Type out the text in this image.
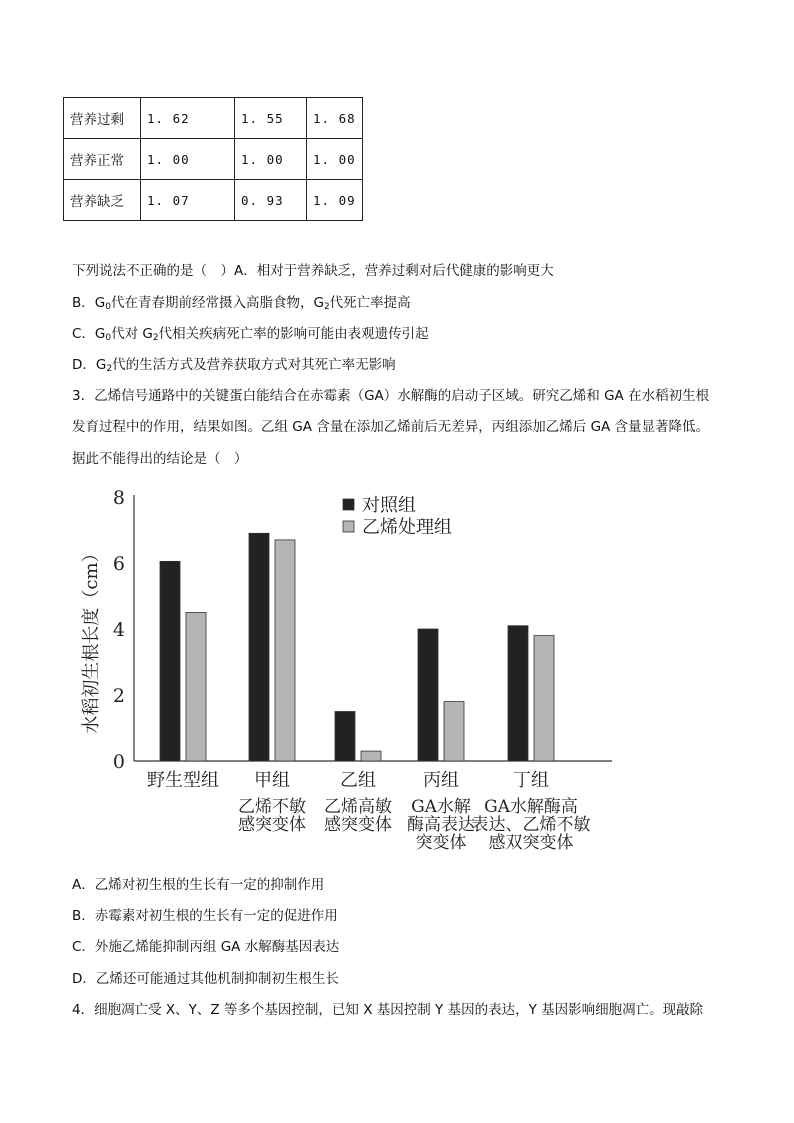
营养过剩	1. 62	1. 55	1. 68
营养正常	1. 00	1. 00	1. 00
营养缺乏	1. 07	0. 93	1. 09
下列说法不正确的是（　）A．相对于营养缺乏，营养过剩对后代健康的影响更大
B．$G_0$代在青春期前经常摄入高脂食物，$G_2$代死亡率提高
C．$G_0$代对 $G_2$代相关疾病死亡率的影响可能由表观遗传引起
D．$G_2$代的生活方式及营养获取方式对其死亡率无影响
3．乙烯信号通路中的关键蛋白能结合在赤霉素（GA）水解酶的启动子区域。研究乙烯和 GA 在水稻初生根
发育过程中的作用，结果如图。乙组 GA 含量在添加乙烯前后无差异，丙组添加乙烯后 GA 含量显著降低。
据此不能得出的结论是（　）
0
2
4
6
8
水稻初生根长度（cm）
野生型组 甲组
乙烯不敏
感突变体
乙组
乙烯高敏
感突变体
丙组
GA水解
酶高表达
突变体
丁组
GA水解酶高
表达、乙烯不敏
感双突变体
对照组
乙烯处理组
A．乙烯对初生根的生长有一定的抑制作用
B．赤霉素对初生根的生长有一定的促进作用
C．外施乙烯能抑制丙组 GA 水解酶基因表达
D．乙烯还可能通过其他机制抑制初生根生长
4．细胞凋亡受 X、Y、Z 等多个基因控制，已知 X 基因控制 Y 基因的表达，Y 基因影响细胞凋亡。现敲除
